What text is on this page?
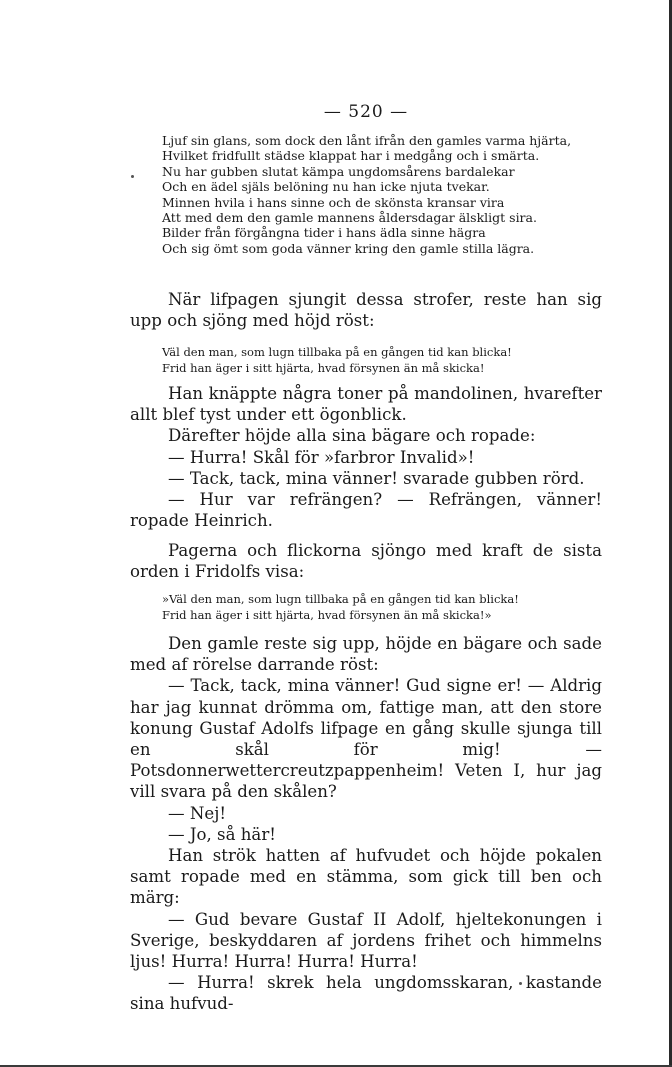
— 520 —
Ljuf sin glans, som dock den lånt ifrån den gamles varma hjärta,
Hvilket fridfullt städse klappat har i medgång och i smärta.
Nu har gubben slutat kämpa ungdomsårens bardalekar
Och en ädel själs belöning nu han icke njuta tvekar.
Minnen hvila i hans sinne och de skönsta kransar vira
Att med dem den gamle mannens åldersdagar älskligt sira.
Bilder från förgångna tider i hans ädla sinne hägra
Och sig ömt som goda vänner kring den gamle stilla lägra.

När lifpagen sjungit dessa strofer, reste han sig upp och sjöng med höjd röst:

Väl den man, som lugn tillbaka på en gången tid kan blicka!
Frid han äger i sitt hjärta, hvad försynen än må skicka!

Han knäppte några toner på mandolinen, hvarefter allt blef tyst under ett ögonblick.

Därefter höjde alla sina bägare och ropade:

— Hurra! Skål för »farbror Invalid»!

— Tack, tack, mina vänner! svarade gubben rörd.

— Hur var refrängen? — Refrängen, vänner! ropade Heinrich.

Pagerna och flickorna sjöngo med kraft de sista orden i Fridolfs visa:

»Väl den man, som lugn tillbaka på en gången tid kan blicka!
Frid han äger i sitt hjärta, hvad försynen än må skicka!»

Den gamle reste sig upp, höjde en bägare och sade med af rörelse darrande röst:

— Tack, tack, mina vänner! Gud signe er! — Aldrig har jag kunnat drömma om, fattige man, att den store konung Gustaf Adolfs lifpage en gång skulle sjunga till en skål för mig! — Potsdonnerwettercreutzpappenheim! Veten I, hur jag vill svara på den skålen?

— Nej!

— Jo, så här!

Han strök hatten af hufvudet och höjde pokalen samt ropade med en stämma, som gick till ben och märg:

— Gud bevare Gustaf II Adolf, hjeltekonungen i Sverige, beskyddaren af jordens frihet och himmelns ljus! Hurra! Hurra! Hurra! Hurra!

— Hurra! skrek hela ungdomsskaran, kastande sina hufvud-
